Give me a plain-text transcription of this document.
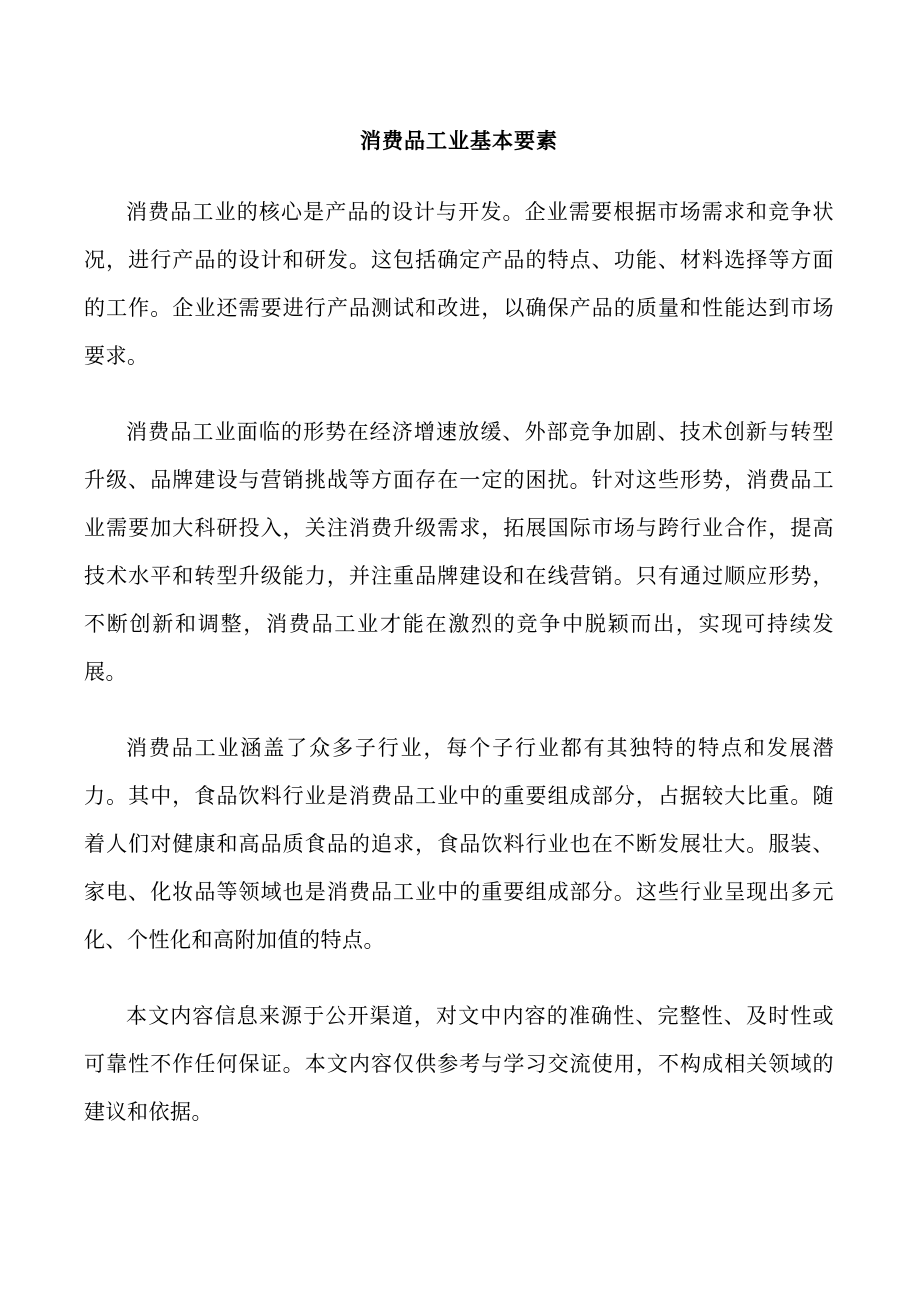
消费品工业基本要素

消费品工业的核心是产品的设计与开发。企业需要根据市场需求和竞争状况，进行产品的设计和研发。这包括确定产品的特点、功能、材料选择等方面的工作。企业还需要进行产品测试和改进，以确保产品的质量和性能达到市场要求。

消费品工业面临的形势在经济增速放缓、外部竞争加剧、技术创新与转型升级、品牌建设与营销挑战等方面存在一定的困扰。针对这些形势，消费品工业需要加大科研投入，关注消费升级需求，拓展国际市场与跨行业合作，提高技术水平和转型升级能力，并注重品牌建设和在线营销。只有通过顺应形势，不断创新和调整，消费品工业才能在激烈的竞争中脱颖而出，实现可持续发展。

消费品工业涵盖了众多子行业，每个子行业都有其独特的特点和发展潜力。其中，食品饮料行业是消费品工业中的重要组成部分，占据较大比重。随着人们对健康和高品质食品的追求，食品饮料行业也在不断发展壮大。服装、家电、化妆品等领域也是消费品工业中的重要组成部分。这些行业呈现出多元化、个性化和高附加值的特点。

本文内容信息来源于公开渠道，对文中内容的准确性、完整性、及时性或可靠性不作任何保证。本文内容仅供参考与学习交流使用，不构成相关领域的建议和依据。
